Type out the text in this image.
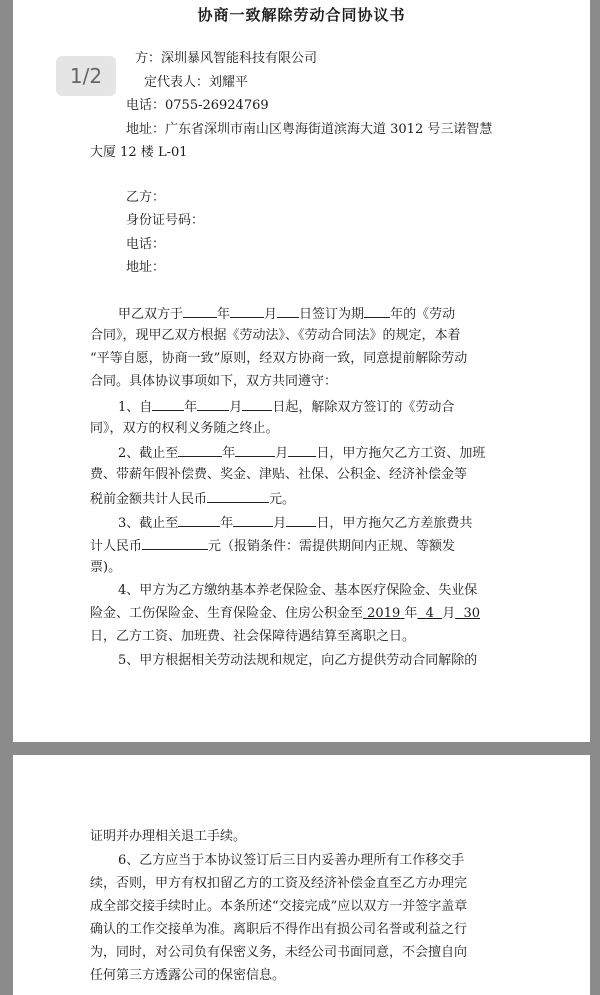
协商一致解除劳动合同协议书
方：深圳暴风智能科技有限公司
定代表人：刘耀平
电话：0755-26924769
地址：广东省深圳市南山区粤海街道滨海大道 3012 号三诺智慧
大厦 12 楼 L-01
乙方：
身份证号码：
电话：
地址：
甲乙双方于	年	月 日签订为期 年的《劳动
合同》，现甲乙双方根据《劳动法》、《劳动合同法》的规定，本着
“平等自愿，协商一致”原则，经双方协商一致，同意提前解除劳动
合同。具体协议事项如下，双方共同遵守：
1、自 年 月 日起，解除双方签订的《劳动合
同》，双方的权利义务随之终止。
2、截止至	年	月 日，甲方拖欠乙方工资、加班
费、带薪年假补偿费、奖金、津贴、社保、公积金、经济补偿金等
税前金额共计人民币	元。
3、截止至	年	月 日，甲方拖欠乙方差旅费共
计人民币	元（报销条件：需提供期间内正规、等额发
票)。
4、甲方为乙方缴纳基本养老保险金、基本医疗保险金、失业保
险金、工伤保险金、生育保险金、住房公积金至 2019 年 4 月 30
日，乙方工资、加班费、社会保障待遇结算至离职之日。
5、甲方根据相关劳动法规和规定，向乙方提供劳动合同解除的
1/2
证明并办理相关退工手续。
6、乙方应当于本协议签订后三日内妥善办理所有工作移交手
续，否则，甲方有权扣留乙方的工资及经济补偿金直至乙方办理完
成全部交接手续时止。本条所述“交接完成”应以双方一并签字盖章
确认的工作交接单为准。离职后不得作出有损公司名誉或利益之行
为，同时，对公司负有保密义务，未经公司书面同意，不会擅自向
任何第三方透露公司的保密信息。
